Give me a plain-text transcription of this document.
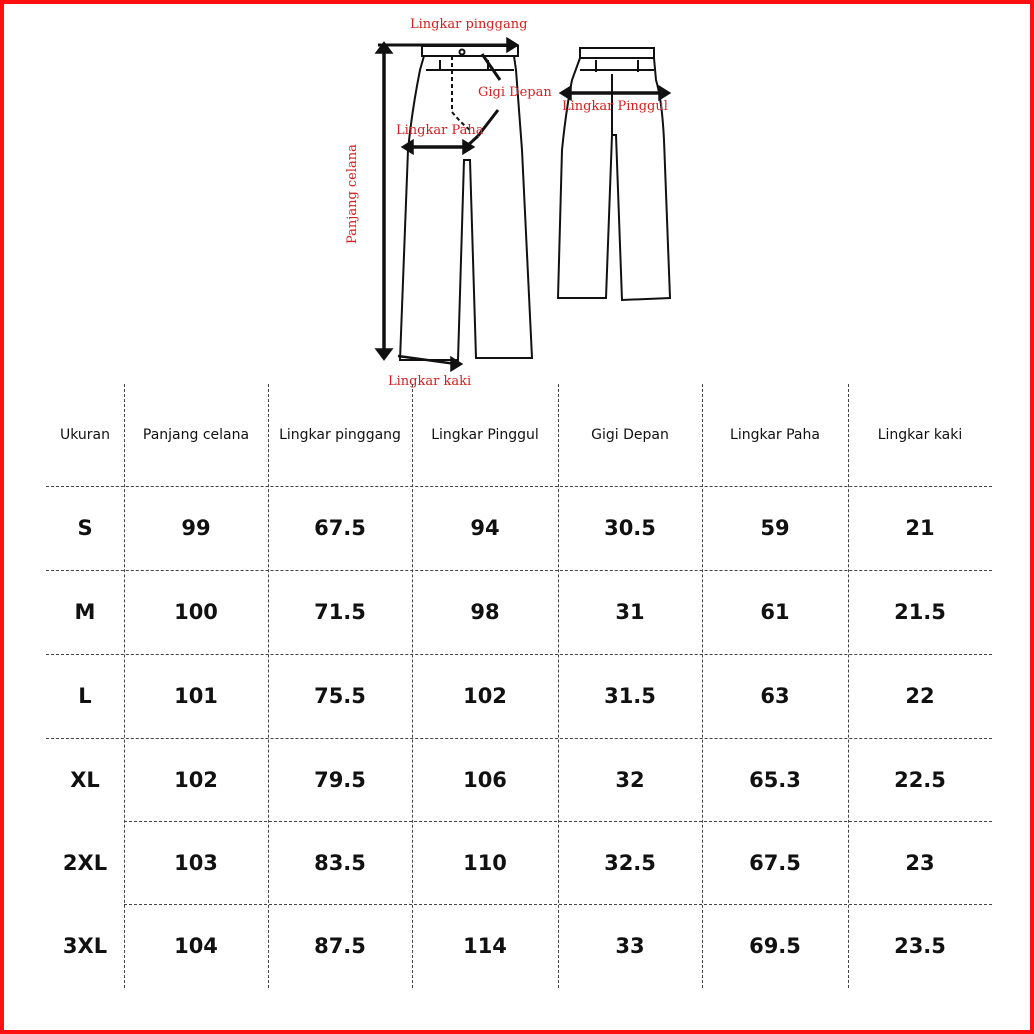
Lingkar pinggang
Gigi Depan
Lingkar Pinggul
Lingkar Paha
Panjang celana
Lingkar kaki
Ukuran	Panjang celana	Lingkar pinggang	Lingkar Pinggul	Gigi Depan	Lingkar Paha	Lingkar kaki
S	99	67.5	94	30.5	59	21
M	100	71.5	98	31	61	21.5
L	101	75.5	102	31.5	63	22
XL	102	79.5	106	32	65.3	22.5
2XL	103	83.5	110	32.5	67.5	23
3XL	104	87.5	114	33	69.5	23.5
